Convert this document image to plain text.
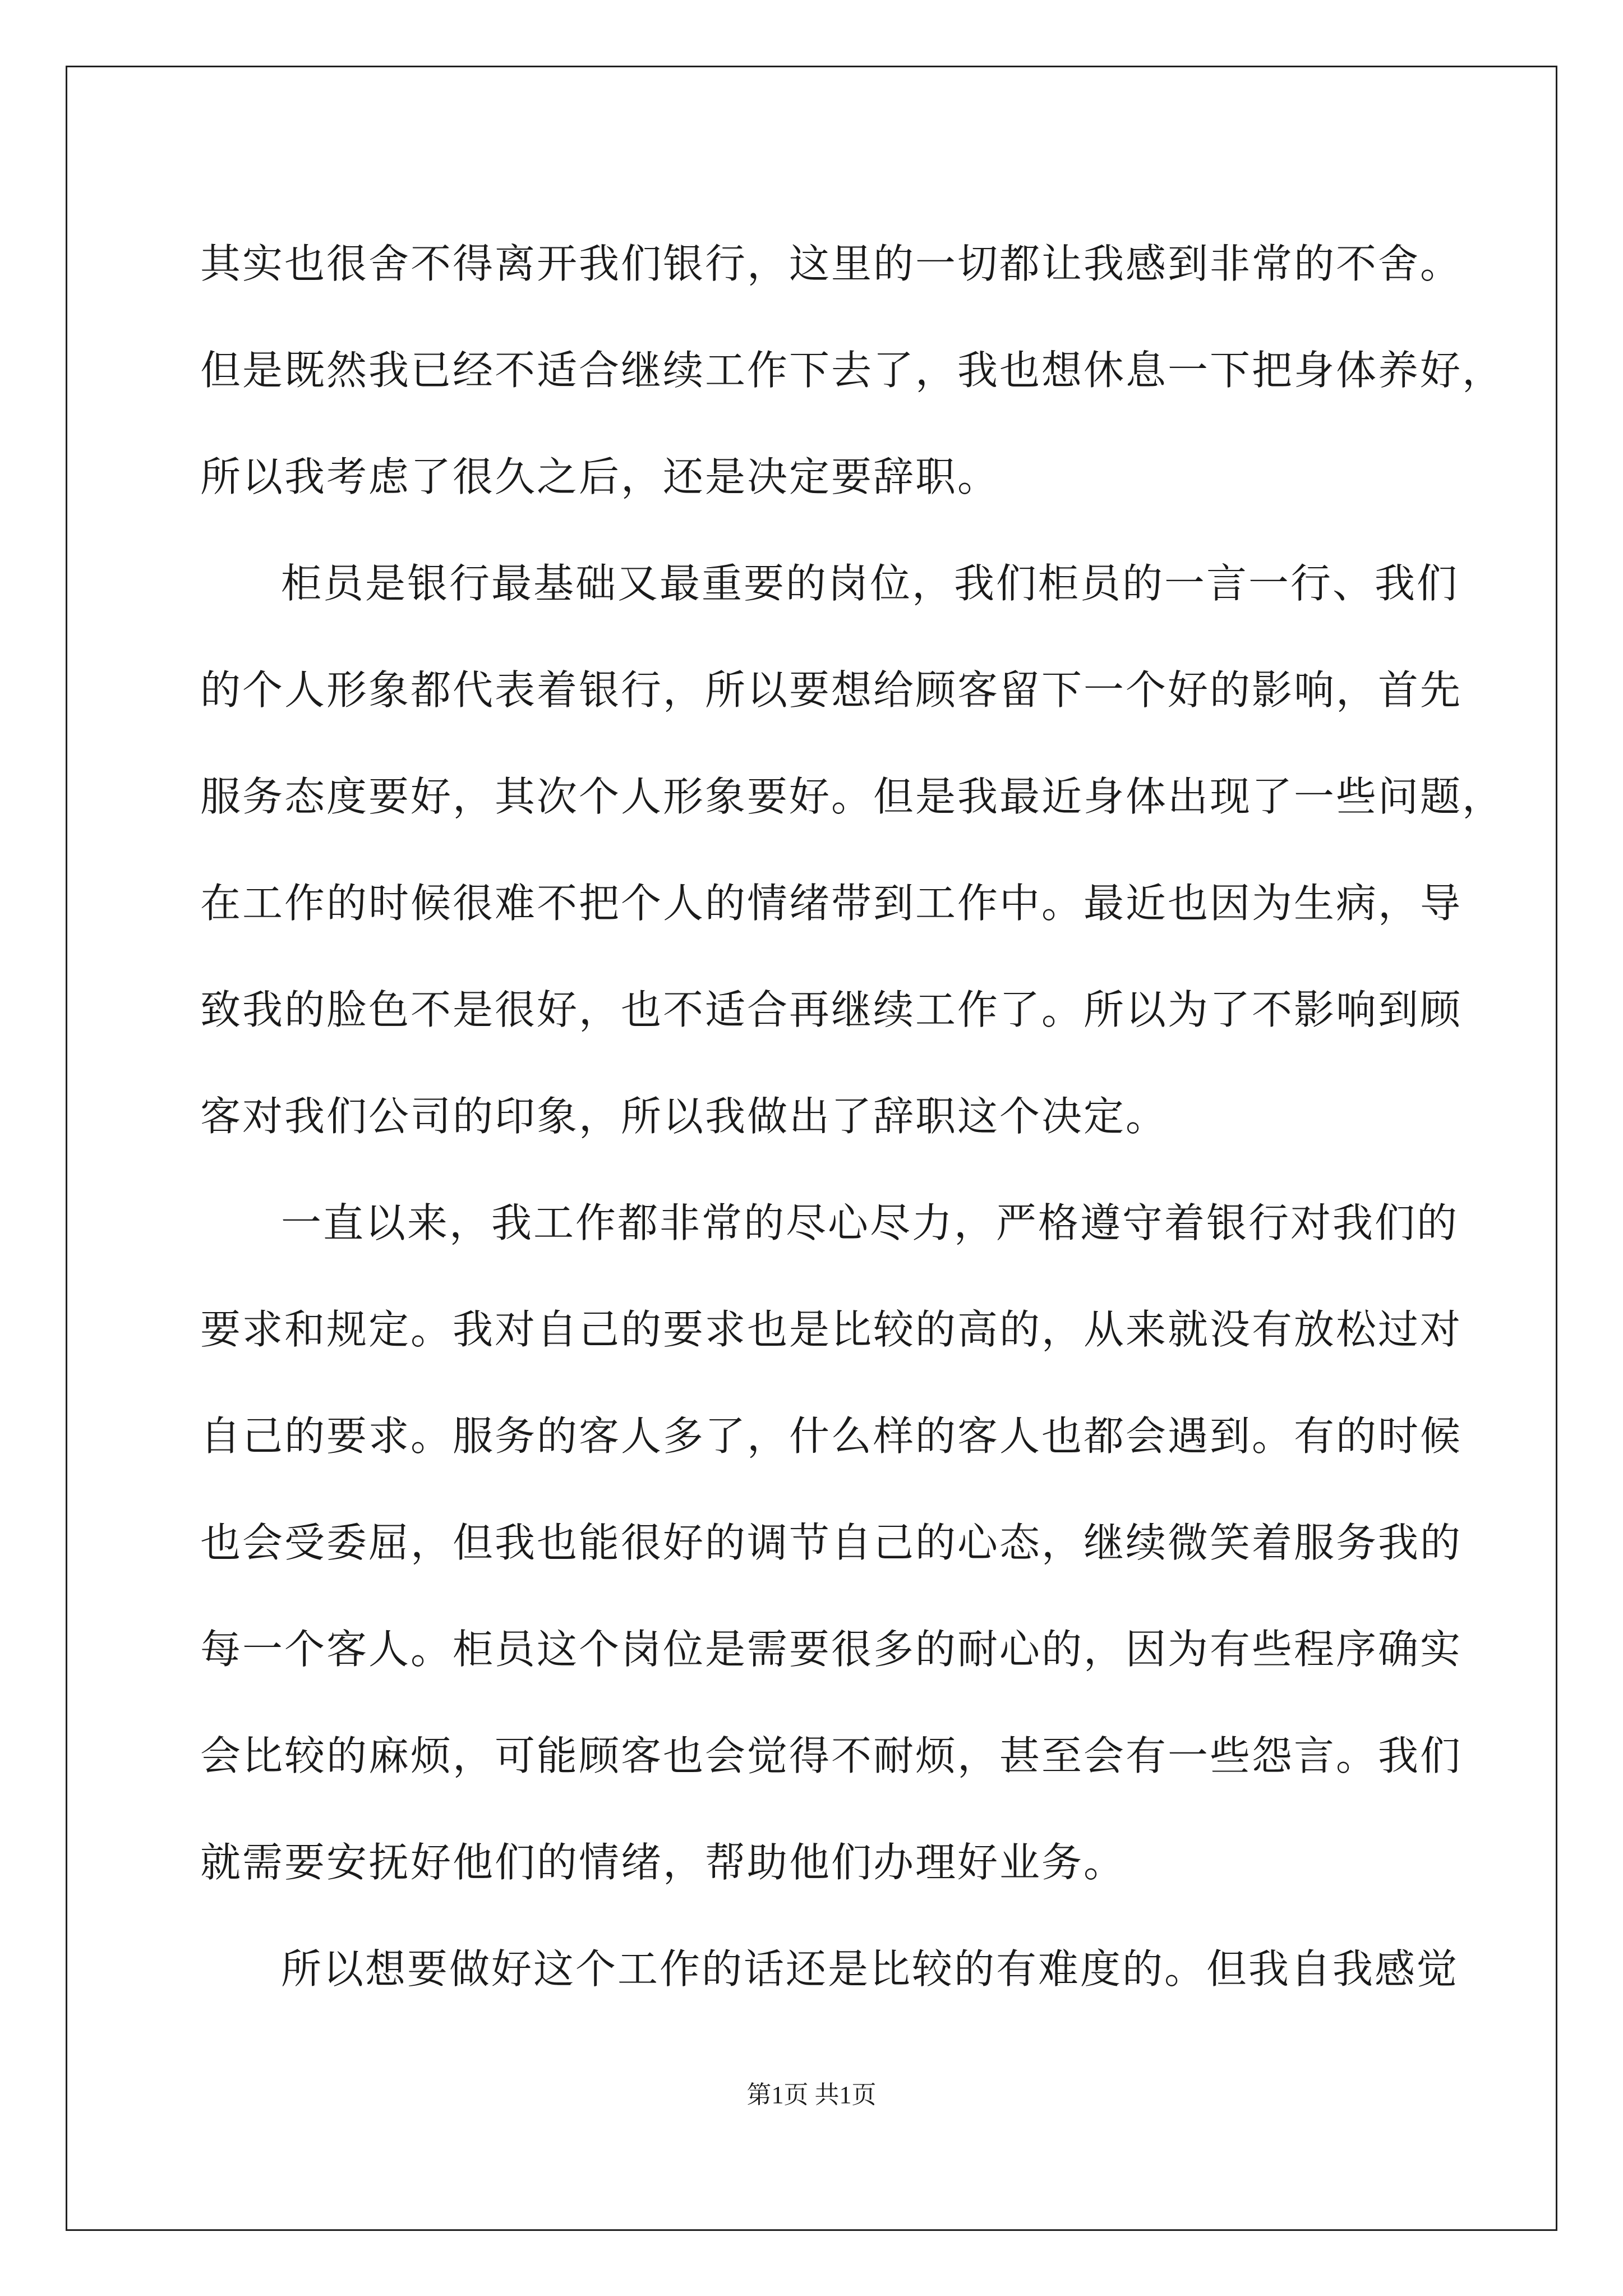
其实也很舍不得离开我们银行，这里的一切都让我感到非常的不舍。
但是既然我已经不适合继续工作下去了，我也想休息一下把身体养好，
所以我考虑了很久之后，还是决定要辞职。
柜员是银行最基础又最重要的岗位，我们柜员的一言一行、我们
的个人形象都代表着银行，所以要想给顾客留下一个好的影响，首先
服务态度要好，其次个人形象要好。但是我最近身体出现了一些问题，
在工作的时候很难不把个人的情绪带到工作中。最近也因为生病，导
致我的脸色不是很好，也不适合再继续工作了。所以为了不影响到顾
客对我们公司的印象，所以我做出了辞职这个决定。
一直以来，我工作都非常的尽心尽力，严格遵守着银行对我们的
要求和规定。我对自己的要求也是比较的高的，从来就没有放松过对
自己的要求。服务的客人多了，什么样的客人也都会遇到。有的时候
也会受委屈，但我也能很好的调节自己的心态，继续微笑着服务我的
每一个客人。柜员这个岗位是需要很多的耐心的，因为有些程序确实
会比较的麻烦，可能顾客也会觉得不耐烦，甚至会有一些怨言。我们
就需要安抚好他们的情绪，帮助他们办理好业务。
所以想要做好这个工作的话还是比较的有难度的。但我自我感觉
第1页 共1页
